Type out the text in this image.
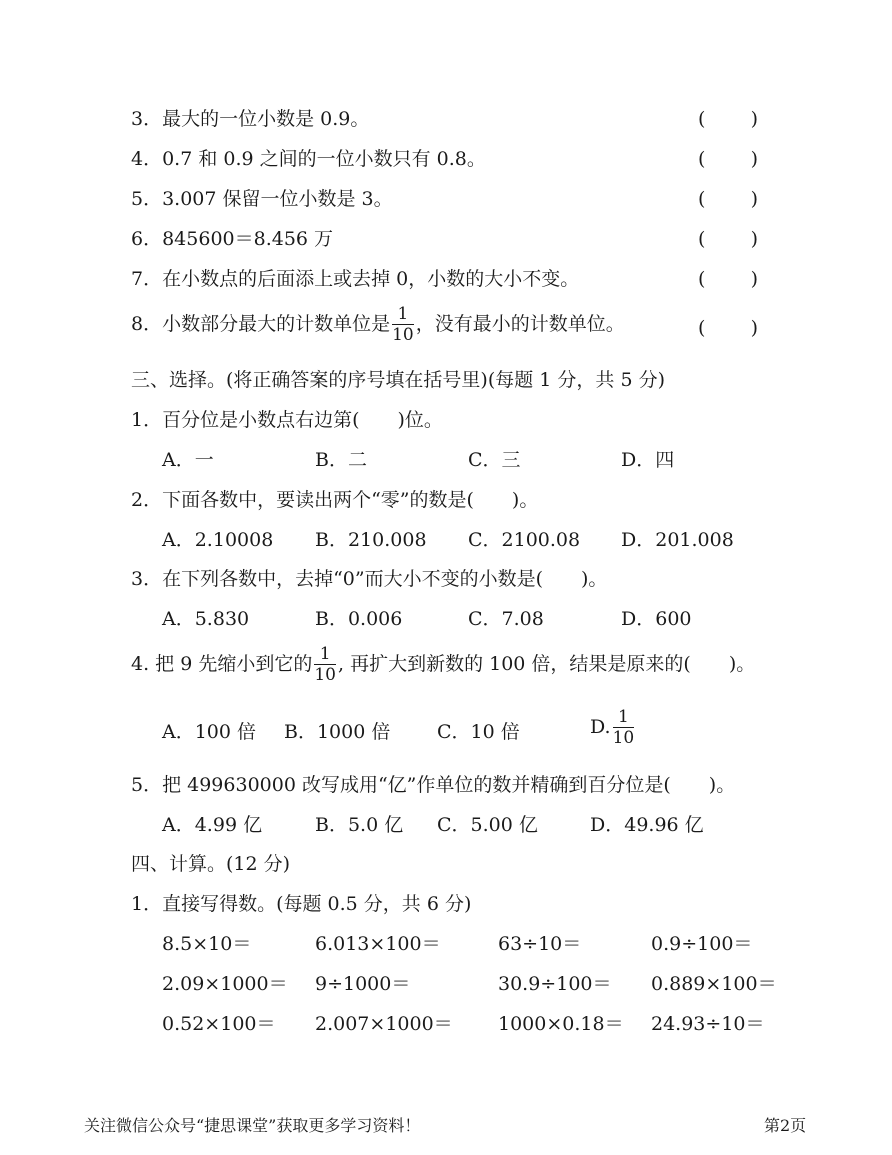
3．最大的一位小数是 0.9。	( )
4．0.7 和 0.9 之间的一位小数只有 0.8。	( )
5．3.007 保留一位小数是 3。	( )
6．845600＝8.456 万	( )
7．在小数点的后面添上或去掉 0，小数的大小不变。	( )
8．小数部分最大的计数单位是 $\frac{1}{10}$ ，没有最小的计数单位。	( )
三、选择。(将正确答案的序号填在括号里)(每题 1 分，共 5 分)
1．百分位是小数点右边第(　　)位。
A．一	B．二	C．三	D．四
2．下面各数中，要读出两个“零”的数是(　　)。
A．2.10008 B．210.008 C．2100.08 D．201.008
3．在下列各数中，去掉“0”而大小不变的小数是(　　)。
A．5.830	B．0.006	C．7.08	D．600
4. 把 9 先缩小到它的 $\frac{1}{10}$ , 再扩大到新数的 100 倍，结果是原来的(　　)。
A．100 倍 B．1000 倍 C．10 倍	D. $\frac{1}{10}$
5．把 499630000 改写成用“亿”作单位的数并精确到百分位是(　　)。
A．4.99 亿	B．5.0 亿 C．5.00 亿	D．49.96 亿
四、计算。(12 分)
1．直接写得数。(每题 0.5 分，共 6 分)
8.5×10＝	6.013×100＝	63÷10＝	0.9÷100＝
2.09×1000＝ 9÷1000＝	30.9÷100＝ 0.889×100＝
0.52×100＝ 2.007×1000＝ 1000×0.18＝ 24.93÷10＝
关注微信公众号“捷思课堂”获取更多学习资料！	第2页
